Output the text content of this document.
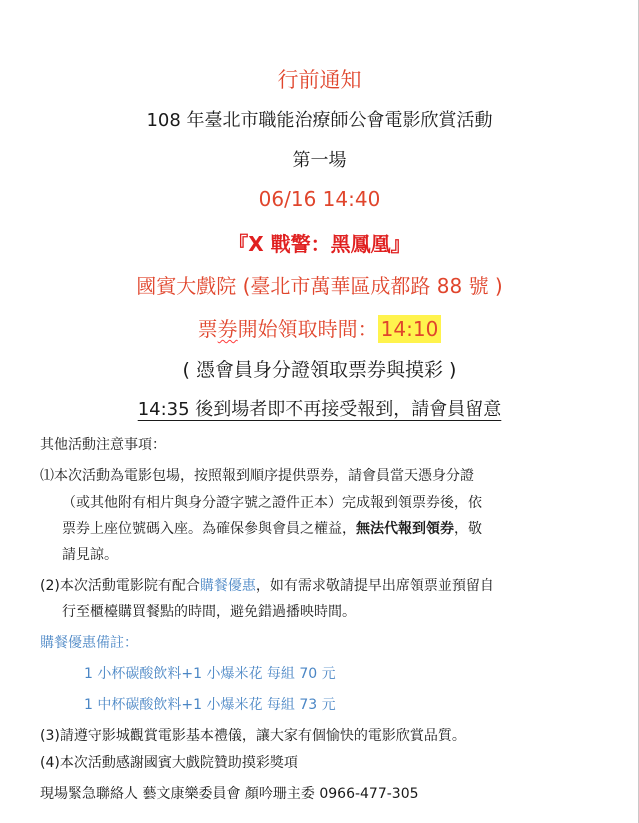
行前通知
108 年臺北市職能治療師公會電影欣賞活動
第一場
06/16 14:40
『X 戰警：黑鳳凰』
國賓大戲院 (臺北市萬華區成都路 88 號 )
票券開始領取時間： 14:10
( 憑會員身分證領取票券與摸彩 )
14:35 後到場者即不再接受報到，請會員留意
其他活動注意事項：
⑴本次活動為電影包場，按照報到順序提供票券，請會員當天憑身分證
（或其他附有相片與身分證字號之證件正本）完成報到領票券後，依
票券上座位號碼入座。為確保參與會員之權益，無法代報到領券，敬
請見諒。
(2)本次活動電影院有配合購餐優惠，如有需求敬請提早出席領票並預留自
行至櫃檯購買餐點的時間，避免錯過播映時間。
購餐優惠備註：
1 小杯碳酸飲料+1 小爆米花 每組 70 元
1 中杯碳酸飲料+1 小爆米花 每組 73 元
(3)請遵守影城觀賞電影基本禮儀，讓大家有個愉快的電影欣賞品質。
(4)本次活動感謝國賓大戲院贊助摸彩獎項
現場緊急聯絡人 藝文康樂委員會 顏吟珊主委 0966-477-305
